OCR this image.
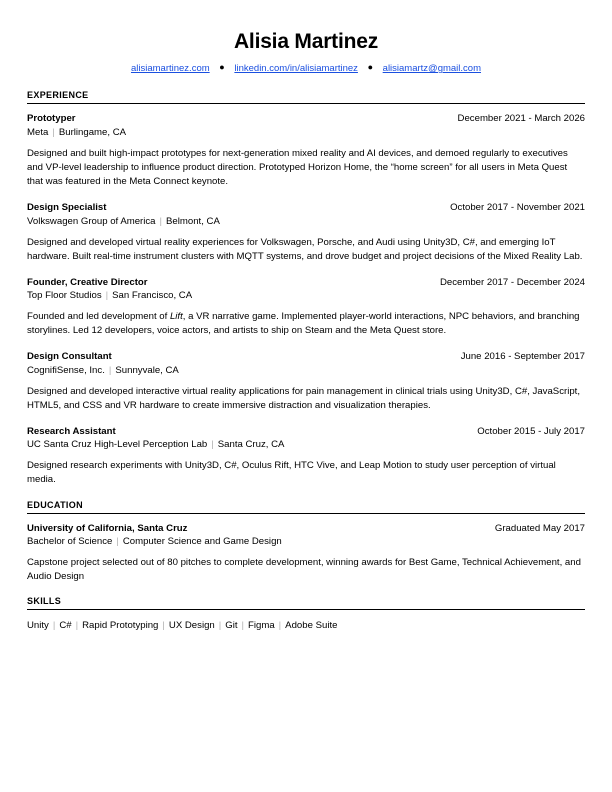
Alisia Martinez
alisiamartinez.com ● linkedin.com/in/alisiamartinez ● alisiamartz@gmail.com
EXPERIENCE
Prototyper	December 2021 - March 2026
Meta | Burlingame, CA
Designed and built high-impact prototypes for next-generation mixed reality and AI devices, and demoed regularly to executives and VP-level leadership to influence product direction. Prototyped Horizon Home, the “home screen” for all users in Meta Quest that was featured in the Meta Connect keynote.
Design Specialist	October 2017 - November 2021
Volkswagen Group of America | Belmont, CA
Designed and developed virtual reality experiences for Volkswagen, Porsche, and Audi using Unity3D, C#, and emerging IoT hardware. Built real-time instrument clusters with MQTT systems, and drove budget and project decisions of the Mixed Reality Lab.
Founder, Creative Director	December 2017 - December 2024
Top Floor Studios | San Francisco, CA
Founded and led development of Lift, a VR narrative game. Implemented player-world interactions, NPC behaviors, and branching storylines. Led 12 developers, voice actors, and artists to ship on Steam and the Meta Quest store.
Design Consultant	June 2016 - September 2017
CognifiSense, Inc. | Sunnyvale, CA
Designed and developed interactive virtual reality applications for pain management in clinical trials using Unity3D, C#, JavaScript, HTML5, and CSS and VR hardware to create immersive distraction and visualization therapies.
Research Assistant	October 2015 - July 2017
UC Santa Cruz High-Level Perception Lab | Santa Cruz, CA
Designed research experiments with Unity3D, C#, Oculus Rift, HTC Vive, and Leap Motion to study user perception of virtual media.
EDUCATION
University of California, Santa Cruz	Graduated May 2017
Bachelor of Science | Computer Science and Game Design
Capstone project selected out of 80 pitches to complete development, winning awards for Best Game, Technical Achievement, and Audio Design
SKILLS
Unity | C# | Rapid Prototyping | UX Design | Git | Figma | Adobe Suite
